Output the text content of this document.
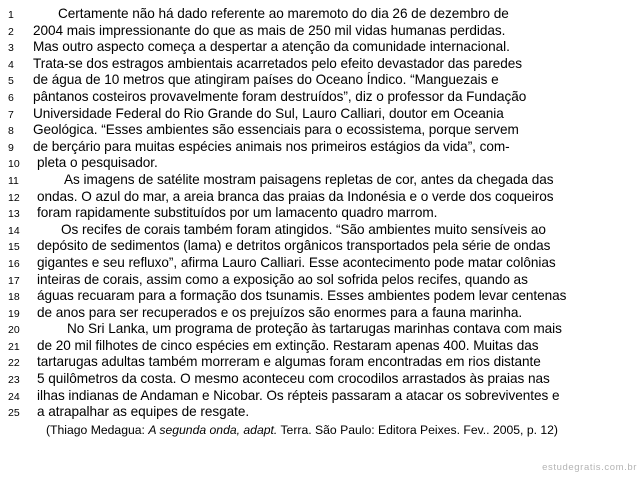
1	Certamente não há dado referente ao maremoto do dia 26 de dezembro de
2	2004 mais impressionante do que as mais de 250 mil vidas humanas perdidas.
3	Mas outro aspecto começa a despertar a atenção da comunidade internacional.
4	Trata-se dos estragos ambientais acarretados pelo efeito devastador das paredes
5	de água de 10 metros que atingiram países do Oceano Índico. “Manguezais e
6	pântanos costeiros provavelmente foram destruídos”, diz o professor da Fundação
7	Universidade Federal do Rio Grande do Sul, Lauro Calliari, doutor em Oceania
8	Geológica. “Esses ambientes são essenciais para o ecossistema, porque servem
9	de berçário para muitas espécies animais nos primeiros estágios da vida”, com-
10	pleta o pesquisador.
11	As imagens de satélite mostram paisagens repletas de cor, antes da chegada das
12	ondas. O azul do mar, a areia branca das praias da Indonésia e o verde dos coqueiros
13	foram rapidamente substituídos por um lamacento quadro marrom.
14	Os recifes de corais também foram atingidos. “São ambientes muito sensíveis ao
15	depósito de sedimentos (lama) e detritos orgânicos transportados pela série de ondas
16	gigantes e seu refluxo”, afirma Lauro Calliari. Esse acontecimento pode matar colônias
17	inteiras de corais, assim como a exposição ao sol sofrida pelos recifes, quando as
18	águas recuaram para a formação dos tsunamis. Esses ambientes podem levar centenas
19	de anos para ser recuperados e os prejuízos são enormes para a fauna marinha.
20	No Sri Lanka, um programa de proteção às tartarugas marinhas contava com mais
21	de 20 mil filhotes de cinco espécies em extinção. Restaram apenas 400. Muitas das
22	tartarugas adultas também morreram e algumas foram encontradas em rios distante
23	5 quilômetros da costa. O mesmo aconteceu com crocodilos arrastados às praias nas
24	ilhas indianas de Andaman e Nicobar. Os répteis passaram a atacar os sobreviventes e
25	a atrapalhar as equipes de resgate.
(Thiago Medagua: A segunda onda, adapt. Terra. São Paulo: Editora Peixes. Fev.. 2005, p. 12)
estudegratis.com.br
